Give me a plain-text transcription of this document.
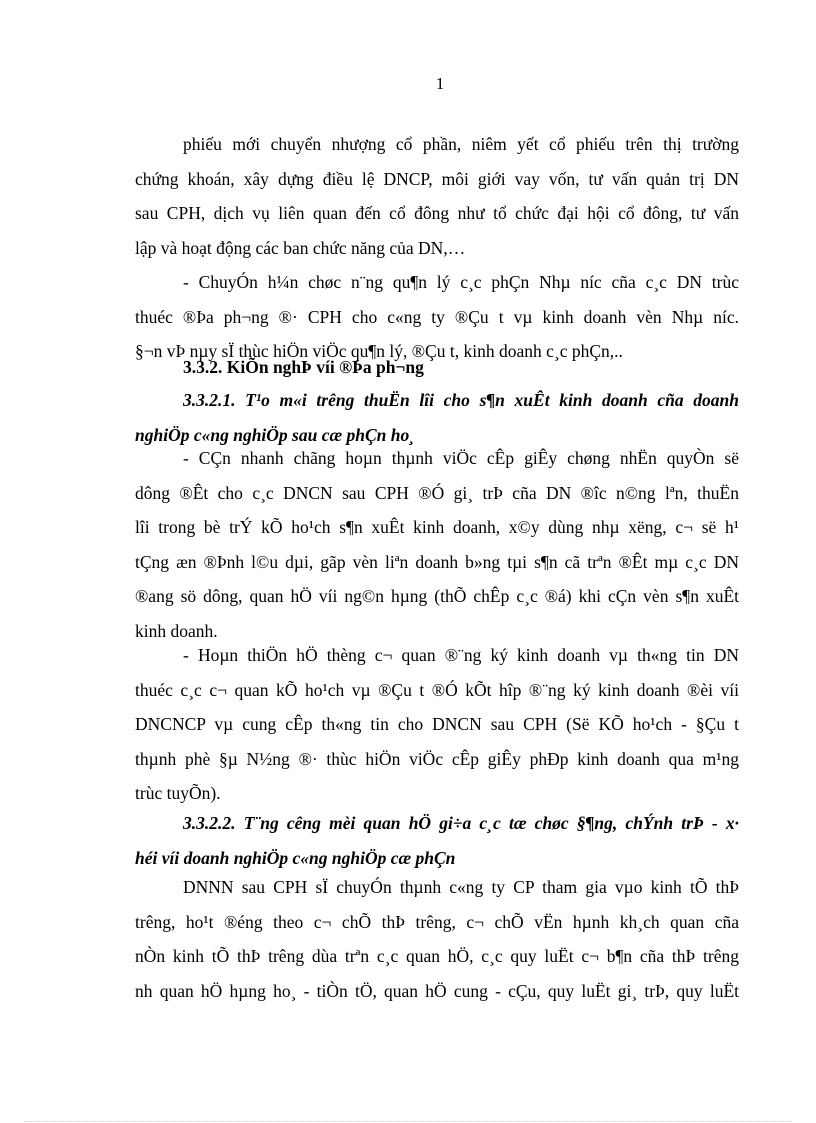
1
phiếu mới chuyển nhượng cổ phần, niêm yết cổ phiếu trên thị trường
chứng khoán, xây dựng điều lệ DNCP, môi giới vay vốn, tư vấn quản trị DN
sau CPH, dịch vụ liên quan đến cổ đông như tổ chức đại hội cổ đông, tư vấn
lập và hoạt động các ban chức năng của DN,…
- ChuyÓn h¼n chøc n¨ng qu¶n lý c¸c phÇn Nhµ níc cña c¸c DN trùc
thuéc ®Þa ph¬ng ®· CPH cho c«ng ty ®Çu t vµ kinh doanh vèn Nhµ níc.
§¬n vÞ nµy sÏ thùc hiÖn viÖc qu¶n lý, ®Çu t, kinh doanh c¸c phÇn,..
3.3.2. KiÕn nghÞ víi ®Þa ph¬ng
3.3.2.1. T¹o m«i trêng thuËn lîi cho s¶n xuÊt kinh doanh cña doanh
nghiÖp c«ng nghiÖp sau cæ phÇn ho¸
- CÇn nhanh chãng hoµn thµnh viÖc cÊp giÊy chøng nhËn quyÒn së
dông ®Êt cho c¸c DNCN sau CPH ®Ó gi¸ trÞ cña DN ®îc n©ng lªn, thuËn
lîi trong bè trÝ kÕ ho¹ch s¶n xuÊt kinh doanh, x©y dùng nhµ xëng, c¬ së h¹
tÇng æn ®Þnh l©u dµi, gãp vèn liªn doanh b»ng tµi s¶n cã trªn ®Êt mµ c¸c DN
®ang sö dông, quan hÖ víi ng©n hµng (thÕ chÊp c¸c ®á) khi cÇn vèn s¶n xuÊt
kinh doanh.
- Hoµn thiÖn hÖ thèng c¬ quan ®¨ng ký kinh doanh vµ th«ng tin DN
thuéc c¸c c¬ quan kÕ ho¹ch vµ ®Çu t ®Ó kÕt hîp ®¨ng ký kinh doanh ®èi víi
DNCNCP vµ cung cÊp th«ng tin cho DNCN sau CPH (Së KÕ ho¹ch - §Çu t
thµnh phè §µ N½ng ®· thùc hiÖn viÖc cÊp giÊy phÐp kinh doanh qua m¹ng
trùc tuyÕn).
3.3.2.2. T¨ng cêng mèi quan hÖ gi÷a c¸c tæ chøc §¶ng, chÝnh trÞ - x·
héi víi doanh nghiÖp c«ng nghiÖp cæ phÇn
DNNN sau CPH sÏ chuyÓn thµnh c«ng ty CP tham gia vµo kinh tÕ thÞ
trêng, ho¹t ®éng theo c¬ chÕ thÞ trêng, c¬ chÕ vËn hµnh kh¸ch quan cña
nÒn kinh tÕ thÞ trêng dùa trªn c¸c quan hÖ, c¸c quy luËt c¬ b¶n cña thÞ trêng
nh quan hÖ hµng ho¸ - tiÒn tÖ, quan hÖ cung - cÇu, quy luËt gi¸ trÞ, quy luËt
